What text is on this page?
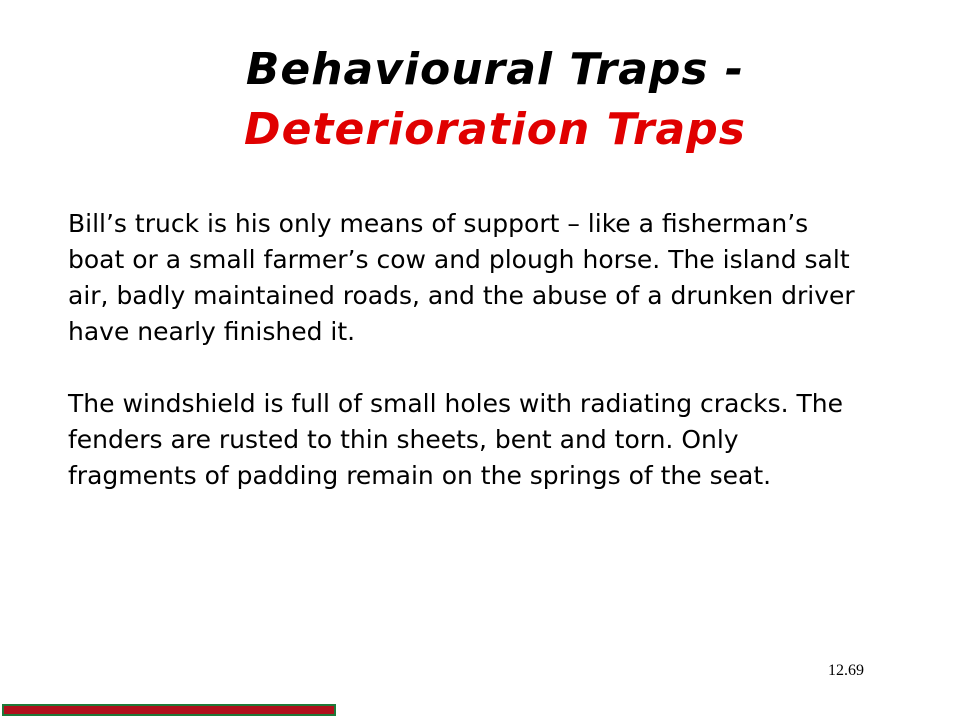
Behavioural Traps -
Deterioration Traps

Bill’s truck is his only means of support – like a fisherman’s boat or a small farmer’s cow and plough horse. The island salt air, badly maintained roads, and the abuse of a drunken driver have nearly finished it.

The windshield is full of small holes with radiating cracks. The fenders are rusted to thin sheets, bent and torn. Only fragments of padding remain on the springs of the seat.

12.69
